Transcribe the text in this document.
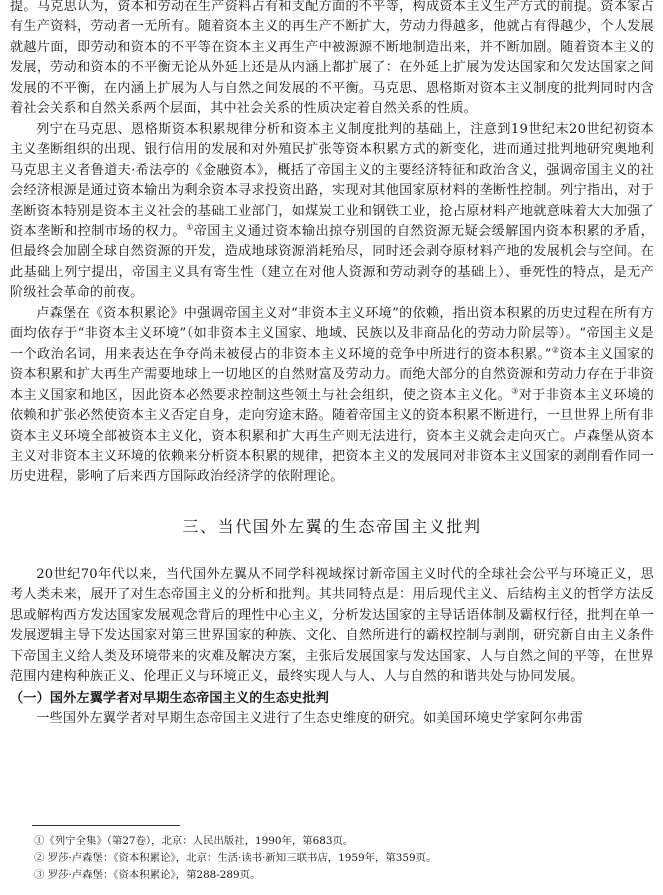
提。马克思认为，资本和劳动在生产资料占有和支配方面的不平等，构成资本主义生产方式的前提。资本家占有生产资料，劳动者一无所有。随着资本主义的再生产不断扩大，劳动力得越多，他就占有得越少，个人发展就越片面，即劳动和资本的不平等在资本主义再生产中被源源不断地制造出来，并不断加剧。随着资本主义的发展，劳动和资本的不平衡无论从外延上还是从内涵上都扩展了：在外延上扩展为发达国家和欠发达国家之间发展的不平衡，在内涵上扩展为人与自然之间发展的不平衡。马克思、恩格斯对资本主义制度的批判同时内含着社会关系和自然关系两个层面，其中社会关系的性质决定着自然关系的性质。

列宁在马克思、恩格斯资本积累规律分析和资本主义制度批判的基础上，注意到19世纪末20世纪初资本主义垄断组织的出现、银行信用的发展和对外殖民扩张等资本积累方式的新变化，进而通过批判地研究奥地利马克思主义者鲁道夫·希法亭的《金融资本》，概括了帝国主义的主要经济特征和政治含义，强调帝国主义的社会经济根源是通过资本输出为剩余资本寻求投资出路，实现对其他国家原材料的垄断性控制。列宁指出，对于垄断资本特别是资本主义社会的基础工业部门，如煤炭工业和钢铁工业，抢占原材料产地就意味着大大加强了资本垄断和控制市场的权力。①帝国主义通过资本输出掠夺别国的自然资源无疑会缓解国内资本积累的矛盾，但最终会加剧全球自然资源的开发，造成地球资源消耗殆尽，同时还会剥夺原材料产地的发展机会与空间。在此基础上列宁提出，帝国主义具有寄生性（建立在对他人资源和劳动剥夺的基础上）、垂死性的特点，是无产阶级社会革命的前夜。

卢森堡在《资本积累论》中强调帝国主义对“非资本主义环境”的依赖，指出资本积累的历史过程在所有方面均依存于“非资本主义环境”（如非资本主义国家、地域、民族以及非商品化的劳动力阶层等）。“帝国主义是一个政治名词，用来表达在争夺尚未被侵占的非资本主义环境的竞争中所进行的资本积累。”②资本主义国家的资本积累和扩大再生产需要地球上一切地区的自然财富及劳动力。而绝大部分的自然资源和劳动力存在于非资本主义国家和地区，因此资本必然要求控制这些领土与社会组织，使之资本主义化。③对于非资本主义环境的依赖和扩张必然使资本主义否定自身，走向穷途末路。随着帝国主义的资本积累不断进行，一旦世界上所有非资本主义环境全部被资本主义化，资本积累和扩大再生产则无法进行，资本主义就会走向灭亡。卢森堡从资本主义对非资本主义环境的依赖来分析资本积累的规律，把资本主义的发展同对非资本主义国家的剥削看作同一历史进程，影响了后来西方国际政治经济学的依附理论。

三、当代国外左翼的生态帝国主义批判

20世纪70年代以来，当代国外左翼从不同学科视域探讨新帝国主义时代的全球社会公平与环境正义，思考人类未来，展开了对生态帝国主义的分析和批判。其共同特点是：用后现代主义、后结构主义的哲学方法反思或解构西方发达国家发展观念背后的理性中心主义，分析发达国家的主导话语体制及霸权行径，批判在单一发展逻辑主导下发达国家对第三世界国家的种族、文化、自然所进行的霸权控制与剥削，研究新自由主义条件下帝国主义给人类及环境带来的灾难及解决方案，主张后发展国家与发达国家、人与自然之间的平等，在世界范围内建构种族正义、伦理正义与环境正义，最终实现人与人、人与自然的和谐共处与协同发展。

（一）国外左翼学者对早期生态帝国主义的生态史批判

一些国外左翼学者对早期生态帝国主义进行了生态史维度的研究。如美国环境史学家阿尔弗雷

①《列宁全集》（第27卷），北京：人民出版社，1990年，第683页。
② 罗莎·卢森堡：《资本积累论》，北京：生活·读书·新知三联书店，1959年，第359页。
③ 罗莎·卢森堡：《资本积累论》，第288-289页。
